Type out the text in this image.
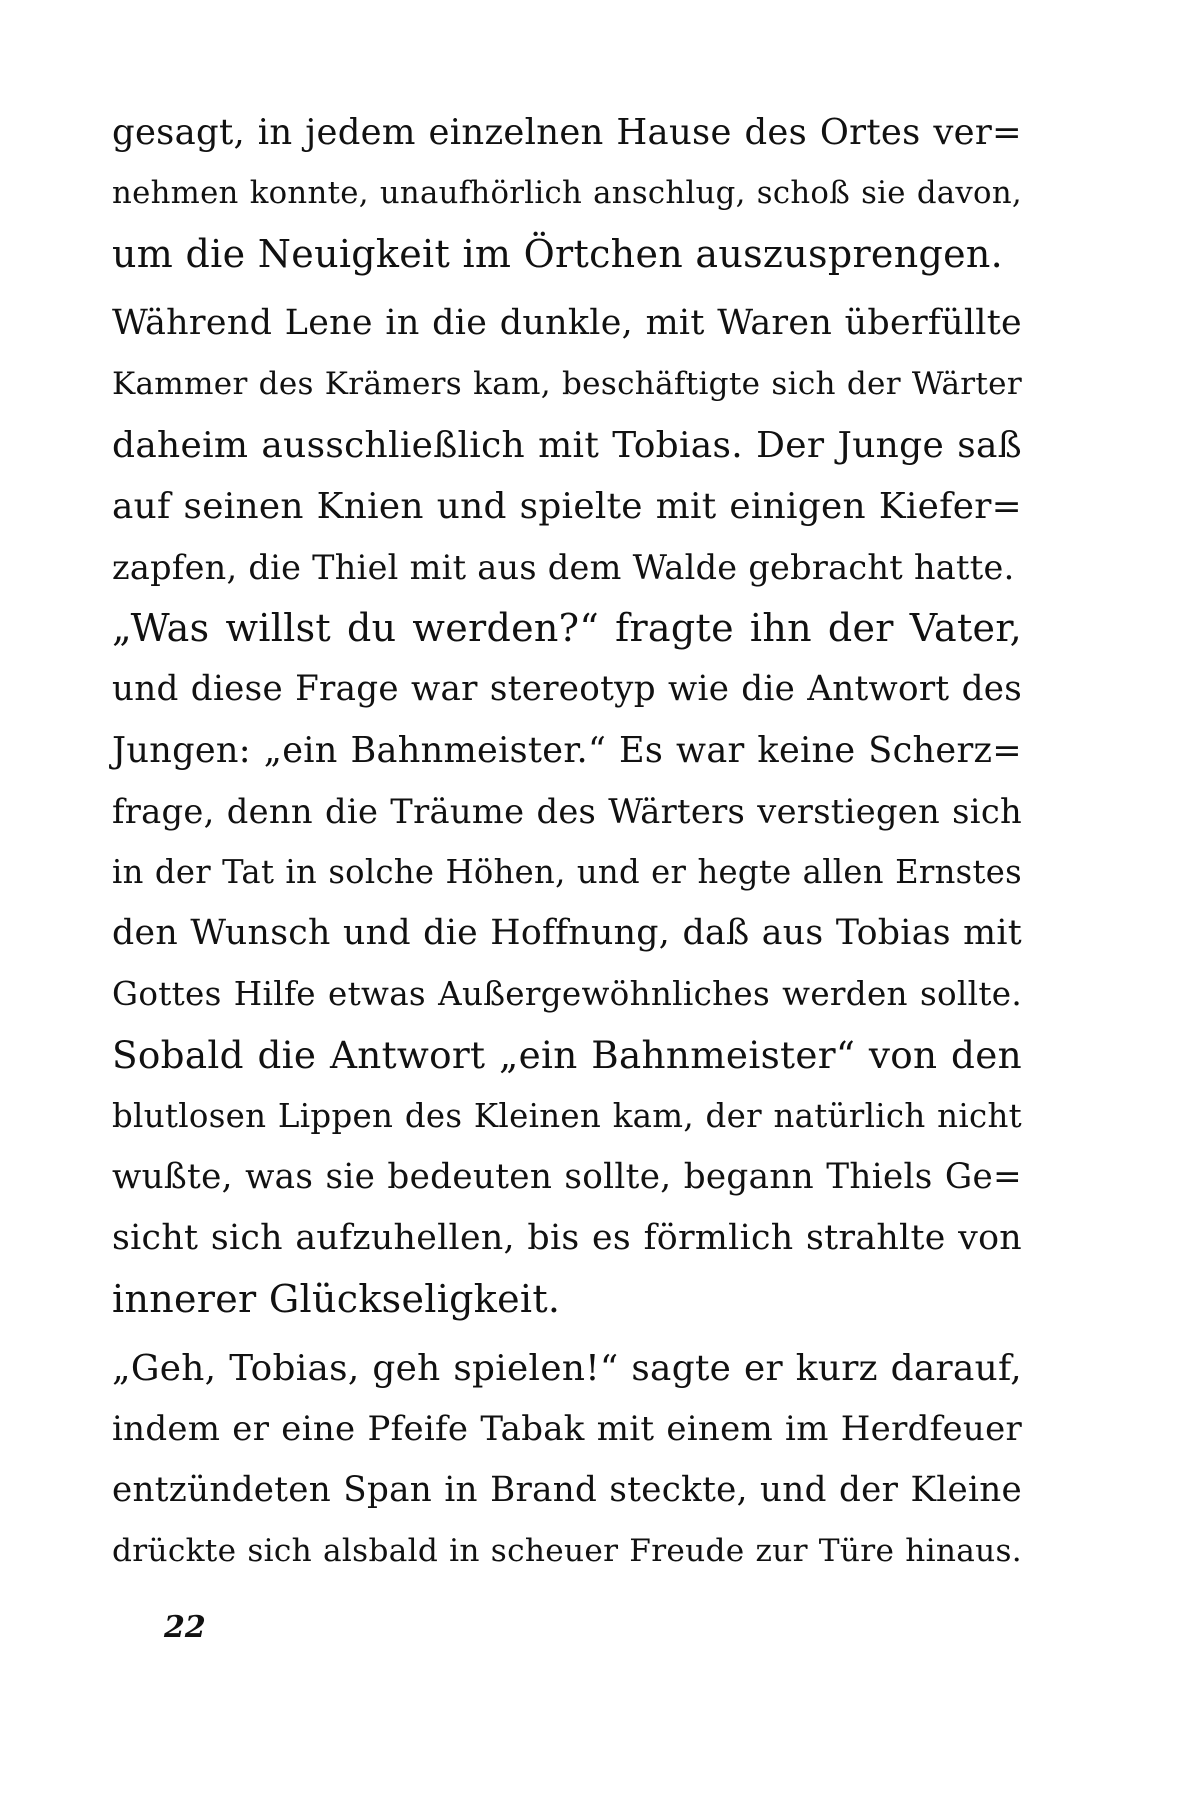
gesagt, in jedem einzelnen Hause des Ortes ver=
nehmen konnte, unaufhörlich anschlug, schoß sie davon,
um die Neuigkeit im Örtchen auszusprengen.
Während Lene in die dunkle, mit Waren überfüllte
Kammer des Krämers kam, beschäftigte sich der Wärter
daheim ausschließlich mit Tobias. Der Junge saß
auf seinen Knien und spielte mit einigen Kiefer=
zapfen, die Thiel mit aus dem Walde gebracht hatte.
„Was willst du werden?“ fragte ihn der Vater,
und diese Frage war stereotyp wie die Antwort des
Jungen: „ein Bahnmeister.“ Es war keine Scherz=
frage, denn die Träume des Wärters verstiegen sich
in der Tat in solche Höhen, und er hegte allen Ernstes
den Wunsch und die Hoffnung, daß aus Tobias mit
Gottes Hilfe etwas Außergewöhnliches werden sollte.
Sobald die Antwort „ein Bahnmeister“ von den
blutlosen Lippen des Kleinen kam, der natürlich nicht
wußte, was sie bedeuten sollte, begann Thiels Ge=
sicht sich aufzuhellen, bis es förmlich strahlte von
innerer Glückseligkeit.
„Geh, Tobias, geh spielen!“ sagte er kurz darauf,
indem er eine Pfeife Tabak mit einem im Herdfeuer
entzündeten Span in Brand steckte, und der Kleine
drückte sich alsbald in scheuer Freude zur Türe hinaus.
22
